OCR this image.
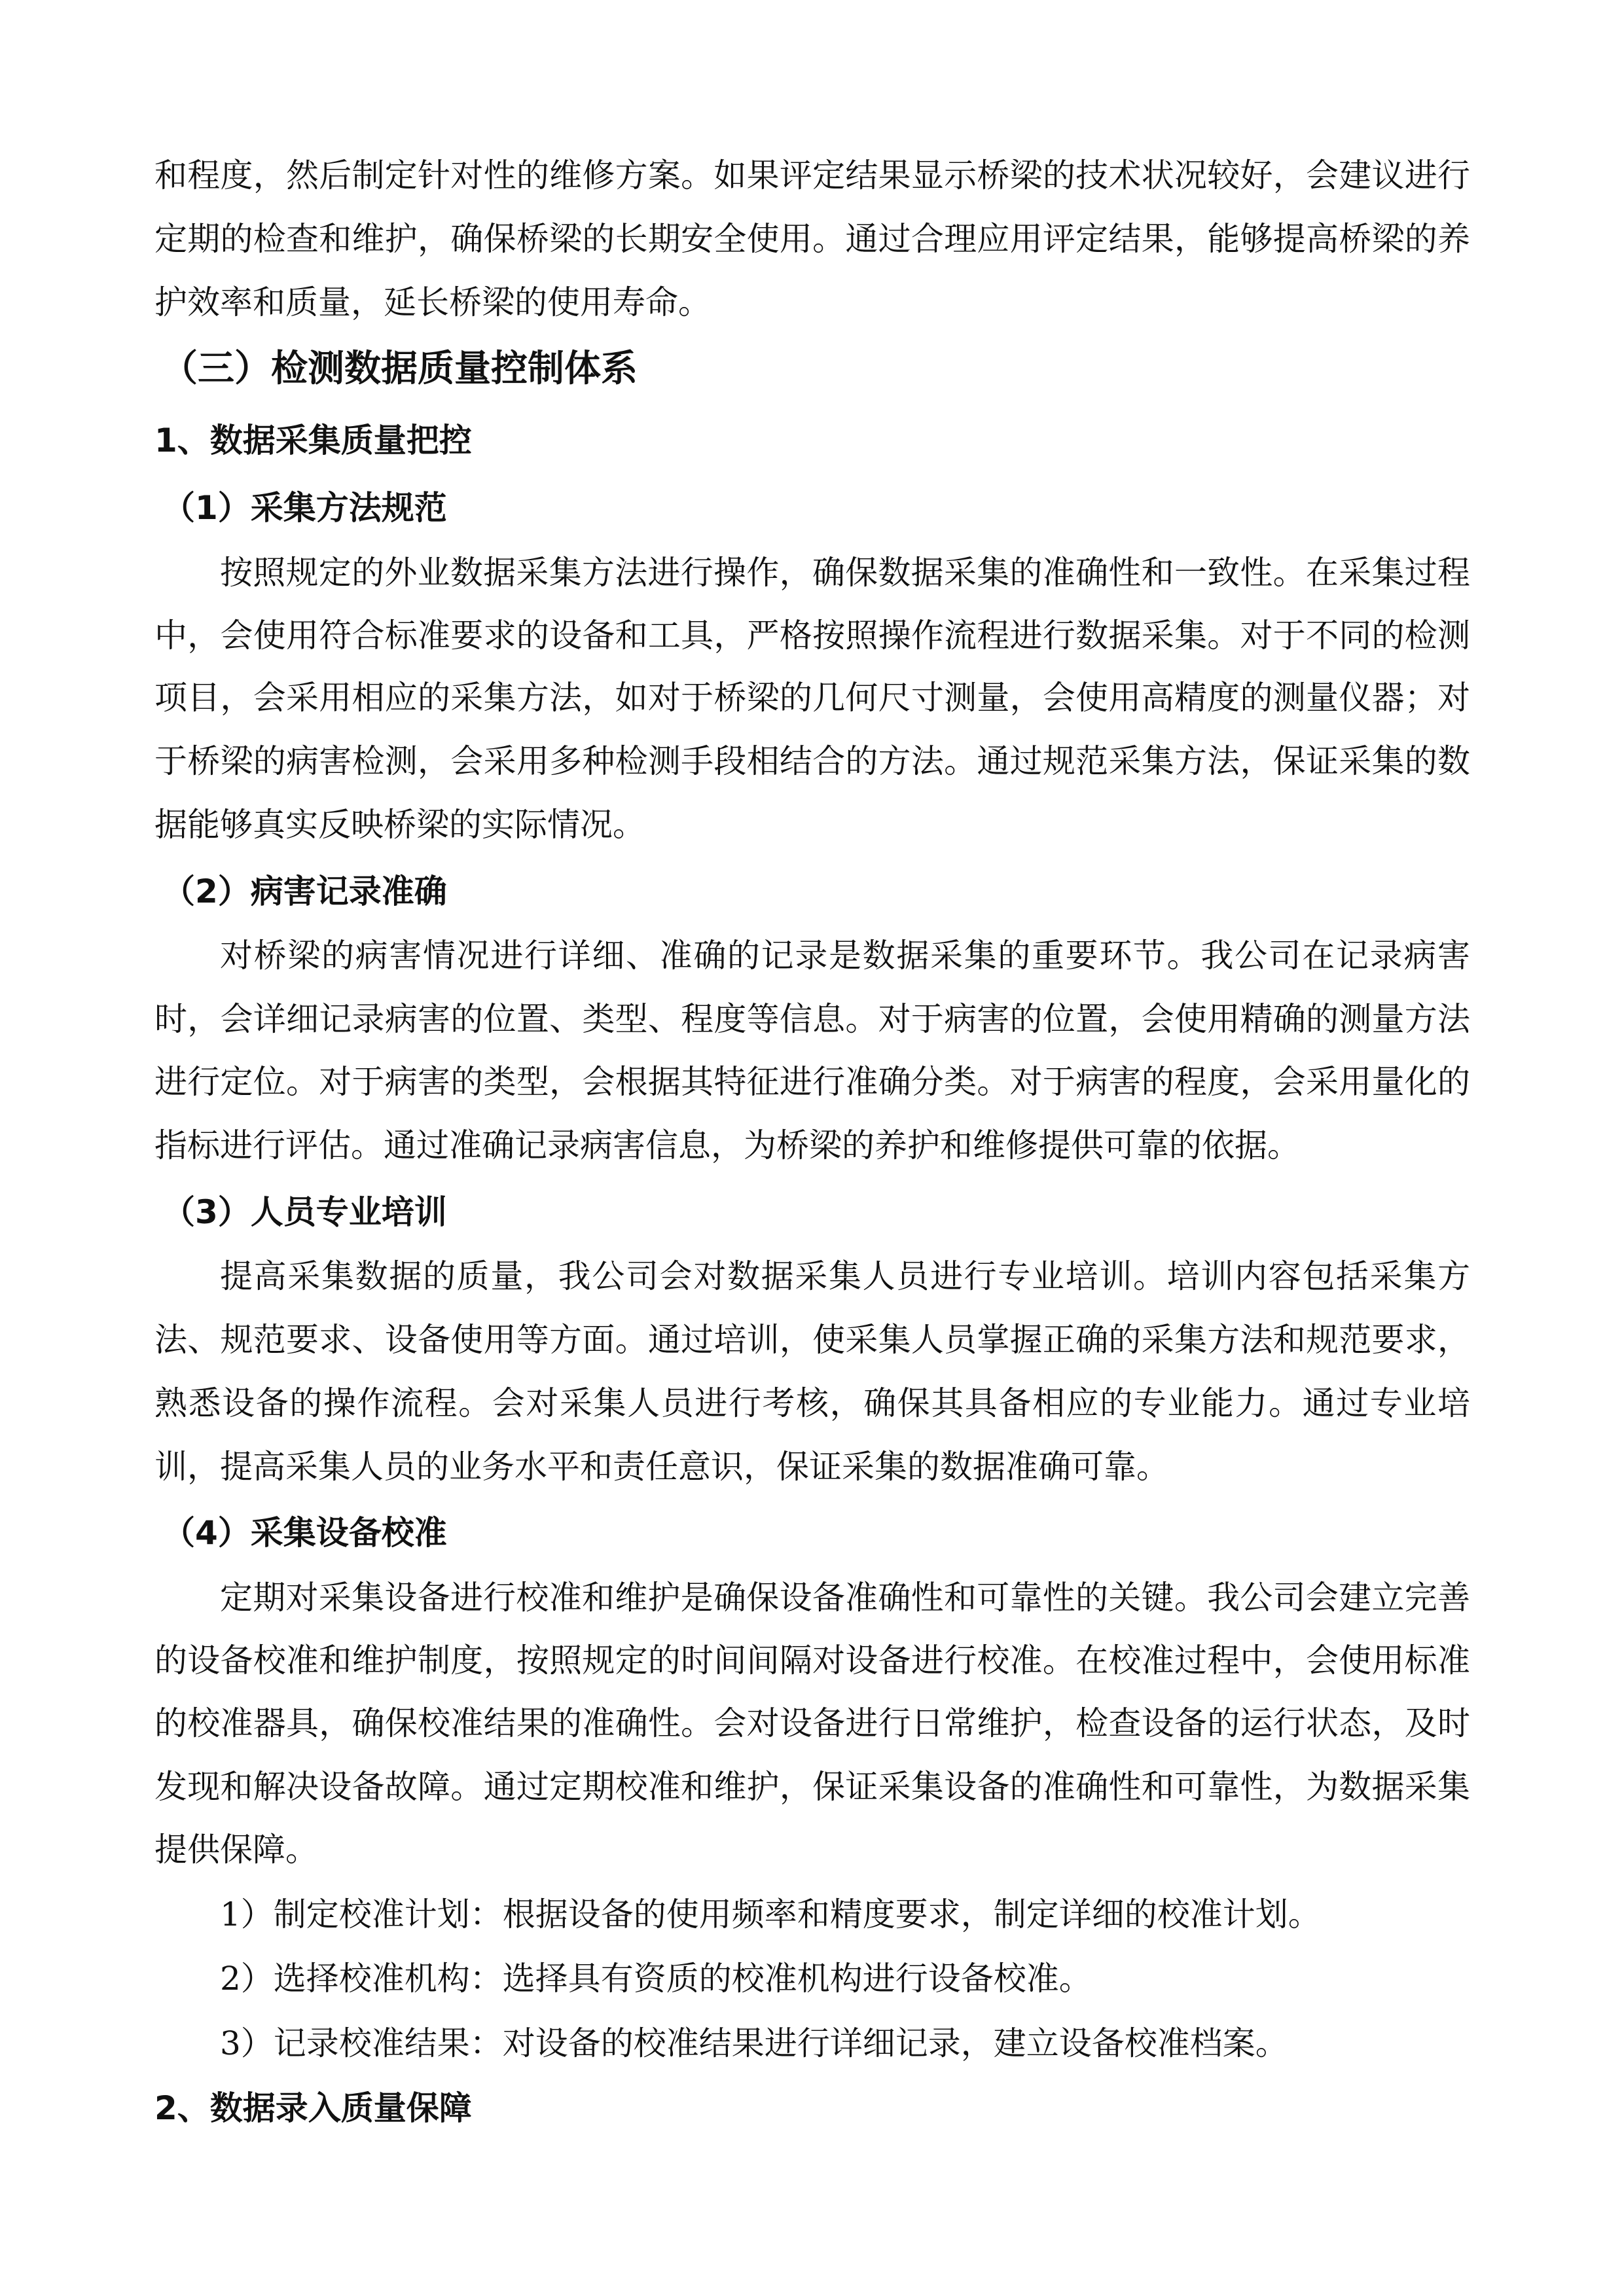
和程度，然后制定针对性的维修方案。如果评定结果显示桥梁的技术状况较好，会建议进行
定期的检查和维护，确保桥梁的长期安全使用。通过合理应用评定结果，能够提高桥梁的养
护效率和质量，延长桥梁的使用寿命。
（三）检测数据质量控制体系
1、数据采集质量把控
（1）采集方法规范
按照规定的外业数据采集方法进行操作，确保数据采集的准确性和一致性。在采集过程
中，会使用符合标准要求的设备和工具，严格按照操作流程进行数据采集。对于不同的检测
项目，会采用相应的采集方法，如对于桥梁的几何尺寸测量，会使用高精度的测量仪器；对
于桥梁的病害检测，会采用多种检测手段相结合的方法。通过规范采集方法，保证采集的数
据能够真实反映桥梁的实际情况。
（2）病害记录准确
对桥梁的病害情况进行详细、准确的记录是数据采集的重要环节。我公司在记录病害
时，会详细记录病害的位置、类型、程度等信息。对于病害的位置，会使用精确的测量方法
进行定位。对于病害的类型，会根据其特征进行准确分类。对于病害的程度，会采用量化的
指标进行评估。通过准确记录病害信息，为桥梁的养护和维修提供可靠的依据。
（3）人员专业培训
提高采集数据的质量，我公司会对数据采集人员进行专业培训。培训内容包括采集方
法、规范要求、设备使用等方面。通过培训，使采集人员掌握正确的采集方法和规范要求，
熟悉设备的操作流程。会对采集人员进行考核，确保其具备相应的专业能力。通过专业培
训，提高采集人员的业务水平和责任意识，保证采集的数据准确可靠。
（4）采集设备校准
定期对采集设备进行校准和维护是确保设备准确性和可靠性的关键。我公司会建立完善
的设备校准和维护制度，按照规定的时间间隔对设备进行校准。在校准过程中，会使用标准
的校准器具，确保校准结果的准确性。会对设备进行日常维护，检查设备的运行状态，及时
发现和解决设备故障。通过定期校准和维护，保证采集设备的准确性和可靠性，为数据采集
提供保障。
1）制定校准计划：根据设备的使用频率和精度要求，制定详细的校准计划。
2）选择校准机构：选择具有资质的校准机构进行设备校准。
3）记录校准结果：对设备的校准结果进行详细记录，建立设备校准档案。
2、数据录入质量保障
